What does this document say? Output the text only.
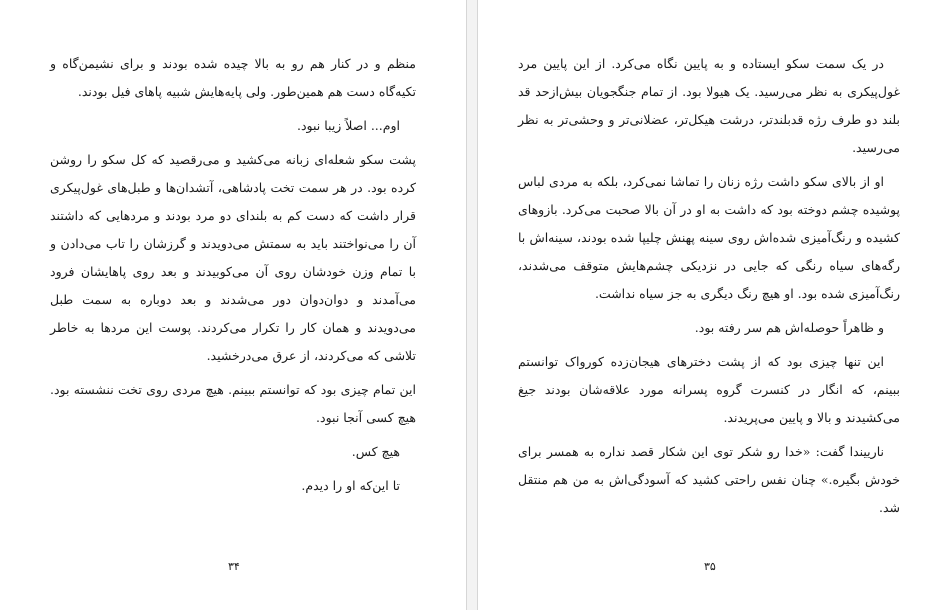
منظم و در کنار هم رو به بالا چیده شده بودند و برای نشیمن‌گاه و تکیه‌گاه دست هم همین‌طور. ولی پایه‌هایش شبیه پاهای فیل بودند.

اوم... اصلاً زیبا نبود.

پشت سکو شعله‌ای زبانه می‌کشید و می‌رقصید که کل سکو را روشن کرده بود. در هر سمت تخت پادشاهی، آتشدان‌ها و طبل‌های غول‌پیکری قرار داشت که دست کم به بلندای دو مرد بودند و مردهایی که داشتند آن را می‌نواختند باید به سمتش می‌دویدند و گرزشان را تاب می‌دادن و با تمام وزن خودشان روی آن می‌کوبیدند و بعد روی پاهایشان فرود می‌آمدند و دوان‌دوان دور می‌شدند و بعد دوباره به سمت طبل می‌دویدند و همان کار را تکرار می‌کردند. پوست این مردها به خاطر تلاشی که می‌کردند، از عرق می‌درخشید.

این تمام چیزی بود که توانستم ببینم. هیچ مردی روی تخت ننشسته بود. هیچ کسی آنجا نبود.

هیچ کس.

تا این‌که او را دیدم.

۳۴

در یک سمت سکو ایستاده و به پایین نگاه می‌کرد. از این پایین مرد غول‌پیکری به نظر می‌رسید. یک هیولا بود. از تمام جنگجویان بیش‌ازحد قد بلند دو طرف رژه قدبلندتر، درشت هیکل‌تر، عضلانی‌تر و وحشی‌تر به نظر می‌رسید.

او از بالای سکو داشت رژه زنان را تماشا نمی‌کرد، بلکه به مردی لباس پوشیده چشم دوخته بود که داشت به او در آن بالا صحبت می‌کرد. بازوهای کشیده و رنگ‌آمیزی شده‌اش روی سینه پهنش چلیپا شده بودند، سینه‌اش با رگه‌های سیاه رنگی که جایی در نزدیکی چشم‌هایش متوقف می‌شدند، رنگ‌آمیزی شده بود. او هیچ رنگ دیگری به جز سیاه نداشت.

و ظاهراً حوصله‌اش هم سر رفته بود.

این تنها چیزی بود که از پشت دخترهای هیجان‌زده کورواک توانستم ببینم، که انگار در کنسرت گروه پسرانه مورد علاقه‌شان بودند جیغ می‌کشیدند و بالا و پایین می‌پریدند.

نارییندا گفت: «خدا رو شکر توی این شکار قصد نداره به همسر برای خودش بگیره.» چنان نفس راحتی کشید که آسودگی‌اش به من هم منتقل شد.

۳۵
